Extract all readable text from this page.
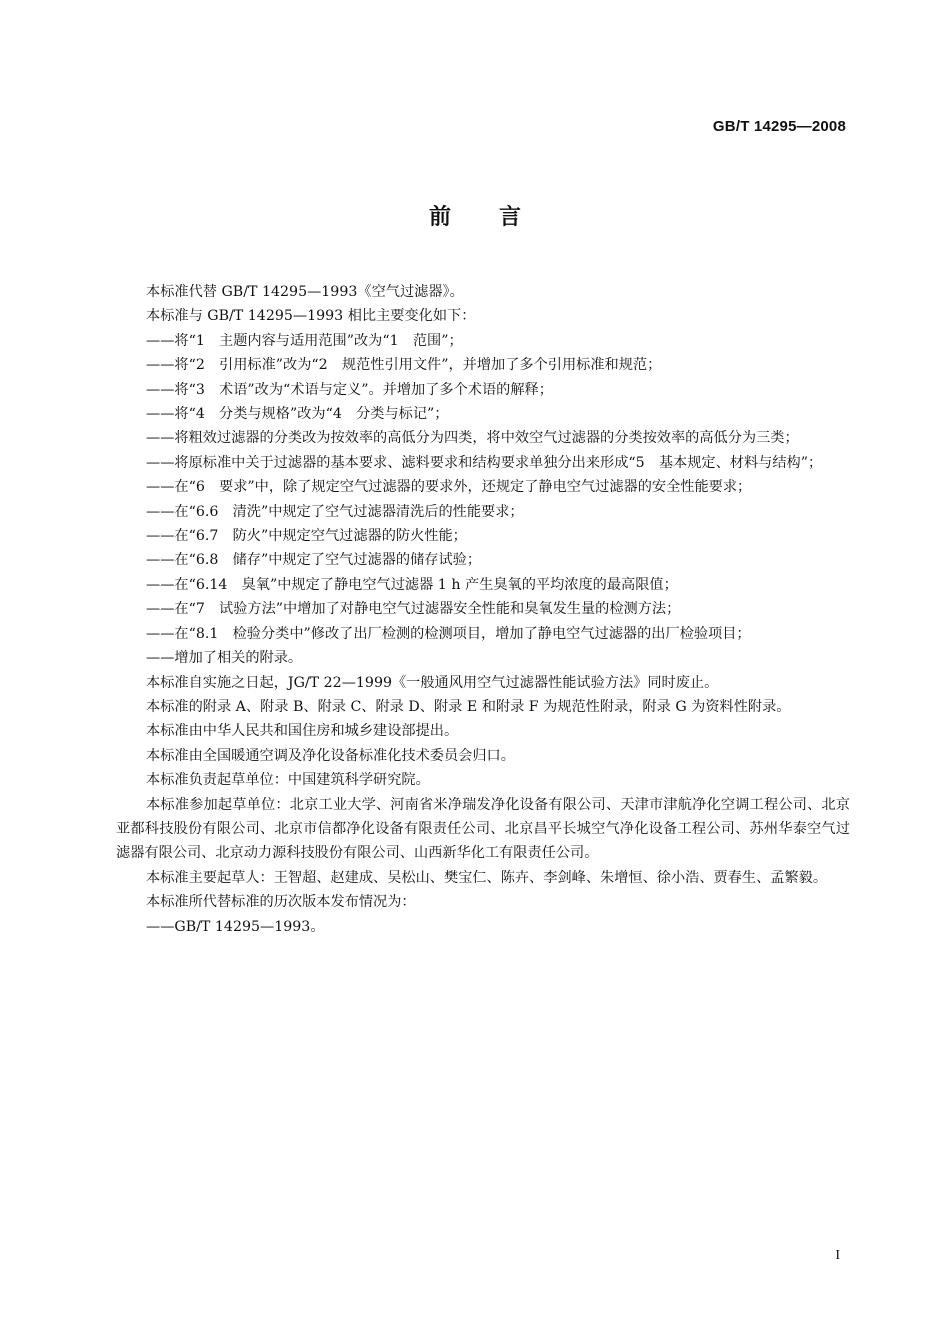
GB/T 14295—2008
前言

本标准代替 GB/T 14295—1993《空气过滤器》。

本标准与 GB/T 14295—1993 相比主要变化如下：

——将“1　主题内容与适用范围”改为“1　范围”；

——将“2　引用标准”改为“2　规范性引用文件”，并增加了多个引用标准和规范；

——将“3　术语”改为“术语与定义”。并增加了多个术语的解释；

——将“4　分类与规格”改为“4　分类与标记”；

——将粗效过滤器的分类改为按效率的高低分为四类，将中效空气过滤器的分类按效率的高低分为三类；

——将原标准中关于过滤器的基本要求、滤料要求和结构要求单独分出来形成“5　基本规定、材料与结构”；

——在“6　要求”中，除了规定空气过滤器的要求外，还规定了静电空气过滤器的安全性能要求；

——在“6.6　清洗”中规定了空气过滤器清洗后的性能要求；

——在“6.7　防火”中规定空气过滤器的防火性能；

——在“6.8　储存”中规定了空气过滤器的储存试验；

——在“6.14　臭氧”中规定了静电空气过滤器 1 h 产生臭氧的平均浓度的最高限值；

——在“7　试验方法”中增加了对静电空气过滤器安全性能和臭氧发生量的检测方法；

——在“8.1　检验分类中”修改了出厂检测的检测项目，增加了静电空气过滤器的出厂检验项目；

——增加了相关的附录。

本标准自实施之日起，JG/T 22—1999《一般通风用空气过滤器性能试验方法》同时废止。

本标准的附录 A、附录 B、附录 C、附录 D、附录 E 和附录 F 为规范性附录，附录 G 为资料性附录。

本标准由中华人民共和国住房和城乡建设部提出。

本标准由全国暖通空调及净化设备标准化技术委员会归口。

本标准负责起草单位：中国建筑科学研究院。

本标准参加起草单位：北京工业大学、河南省米净瑞发净化设备有限公司、天津市津航净化空调工程公司、北京亚都科技股份有限公司、北京市信都净化设备有限责任公司、北京昌平长城空气净化设备工程公司、苏州华泰空气过滤器有限公司、北京动力源科技股份有限公司、山西新华化工有限责任公司。

本标准主要起草人：王智超、赵建成、吴松山、樊宝仁、陈卉、李剑峰、朱增恒、徐小浩、贾春生、孟繁毅。

本标准所代替标准的历次版本发布情况为：

——GB/T 14295—1993。

I
